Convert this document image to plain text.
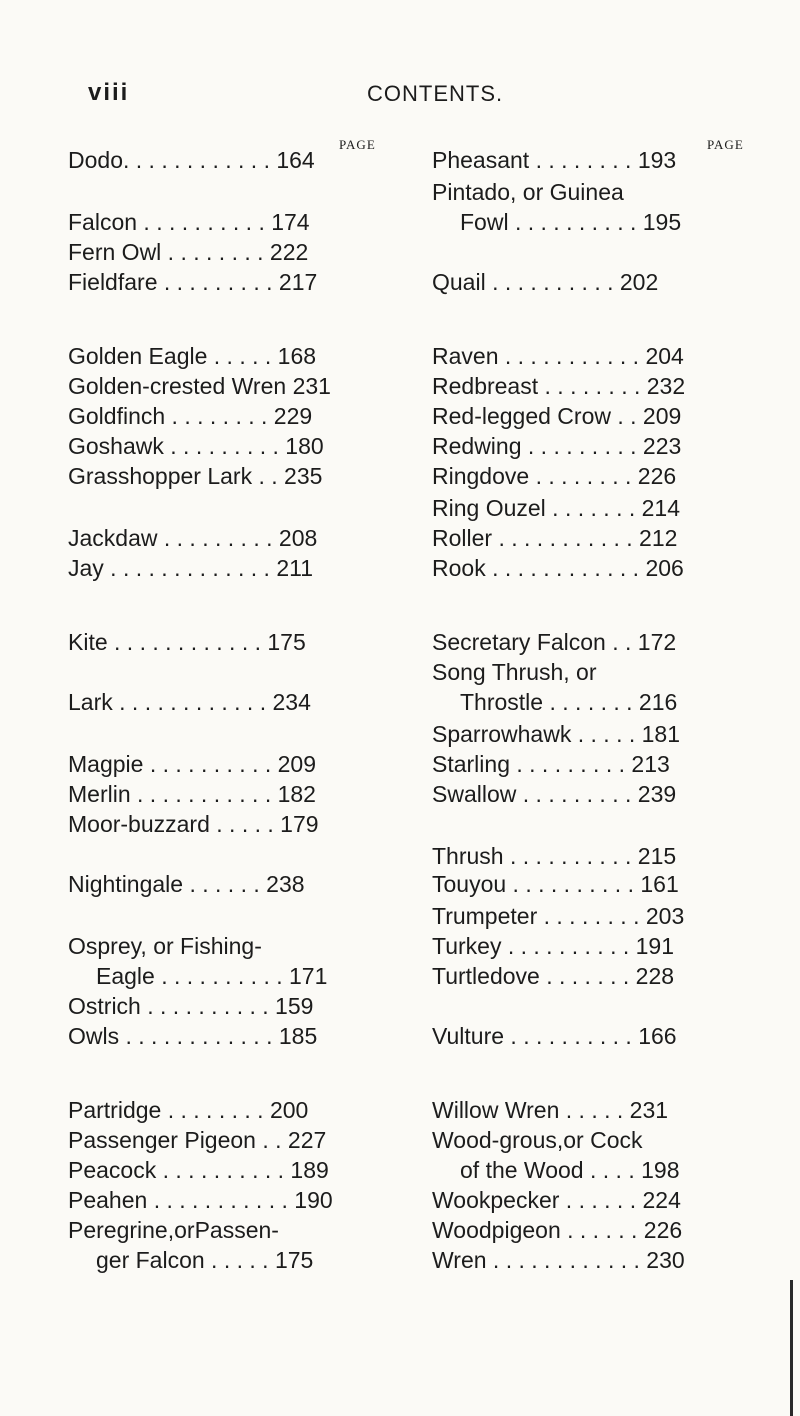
viii	CONTENTS.
PAGE	PAGE
Dodo. . . . . . . . . . . . 164
Falcon . . . . . . . . . . 174
Fern Owl . . . . . . . . 222
Fieldfare . . . . . . . . . 217
Golden Eagle . . . . . 168
Golden-crested Wren 231
Goldfinch . . . . . . . . 229
Goshawk . . . . . . . . . 180
Grasshopper Lark . . 235
Jackdaw . . . . . . . . . 208
Jay . . . . . . . . . . . . . 211
Kite . . . . . . . . . . . . 175
Lark . . . . . . . . . . . . 234
Magpie . . . . . . . . . . 209
Merlin . . . . . . . . . . . 182
Moor-buzzard . . . . . 179
Nightingale . . . . . . 238
Osprey, or Fishing-
Eagle . . . . . . . . . . 171
Ostrich . . . . . . . . . . 159
Owls . . . . . . . . . . . . 185
Partridge . . . . . . . . 200
Passenger Pigeon . . 227
Peacock . . . . . . . . . . 189
Peahen . . . . . . . . . . . 190
Peregrine,orPassen-
ger Falcon . . . . . 175
Pheasant . . . . . . . . 193
Pintado, or Guinea
Fowl . . . . . . . . . . 195
Quail . . . . . . . . . . 202
Raven . . . . . . . . . . . 204
Redbreast . . . . . . . . 232
Red-legged Crow . . 209
Redwing . . . . . . . . . 223
Ringdove . . . . . . . . 226
Ring Ouzel . . . . . . . 214
Roller . . . . . . . . . . . 212
Rook . . . . . . . . . . . . 206
Secretary Falcon . . 172
Song Thrush, or
Throstle . . . . . . . 216
Sparrowhawk . . . . . 181
Starling . . . . . . . . . 213
Swallow . . . . . . . . . 239
Thrush . . . . . . . . . . 215
Touyou . . . . . . . . . . 161
Trumpeter . . . . . . . . 203
Turkey . . . . . . . . . . 191
Turtledove . . . . . . . 228
Vulture . . . . . . . . . . 166
Willow Wren . . . . . 231
Wood-grous,or Cock
of the Wood . . . . 198
Wookpecker . . . . . . 224
Woodpigeon . . . . . . 226
Wren . . . . . . . . . . . . 230
